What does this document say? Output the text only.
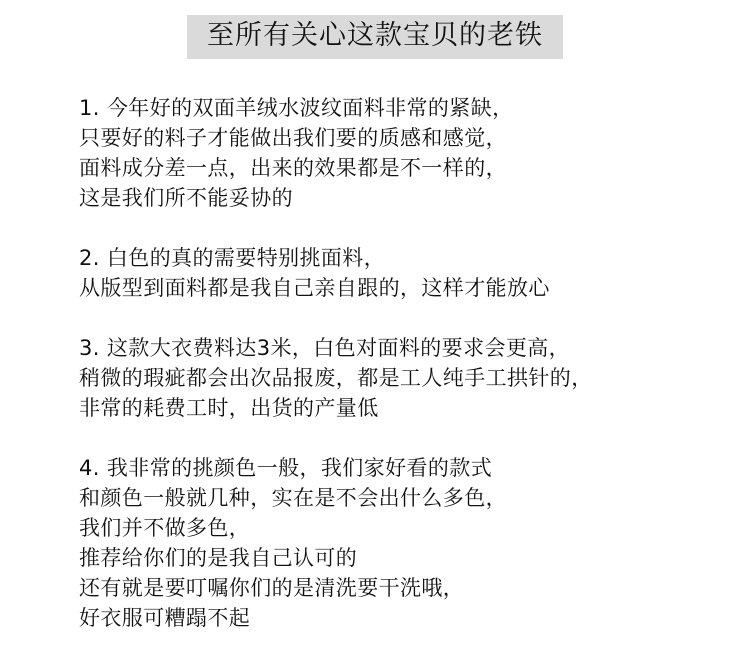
至所有关心这款宝贝的老铁
1. 今年好的双面羊绒水波纹面料非常的紧缺，
只要好的料子才能做出我们要的质感和感觉，
面料成分差一点，出来的效果都是不一样的，
这是我们所不能妥协的
2. 白色的真的需要特别挑面料，
从版型到面料都是我自己亲自跟的，这样才能放心
3. 这款大衣费料达3米，白色对面料的要求会更高，
稍微的瑕疵都会出次品报废，都是工人纯手工拱针的，
非常的耗费工时，出货的产量低
4. 我非常的挑颜色一般，我们家好看的款式
和颜色一般就几种，实在是不会出什么多色，
我们并不做多色，
推荐给你们的是我自己认可的
还有就是要叮嘱你们的是清洗要干洗哦，
好衣服可糟蹋不起
